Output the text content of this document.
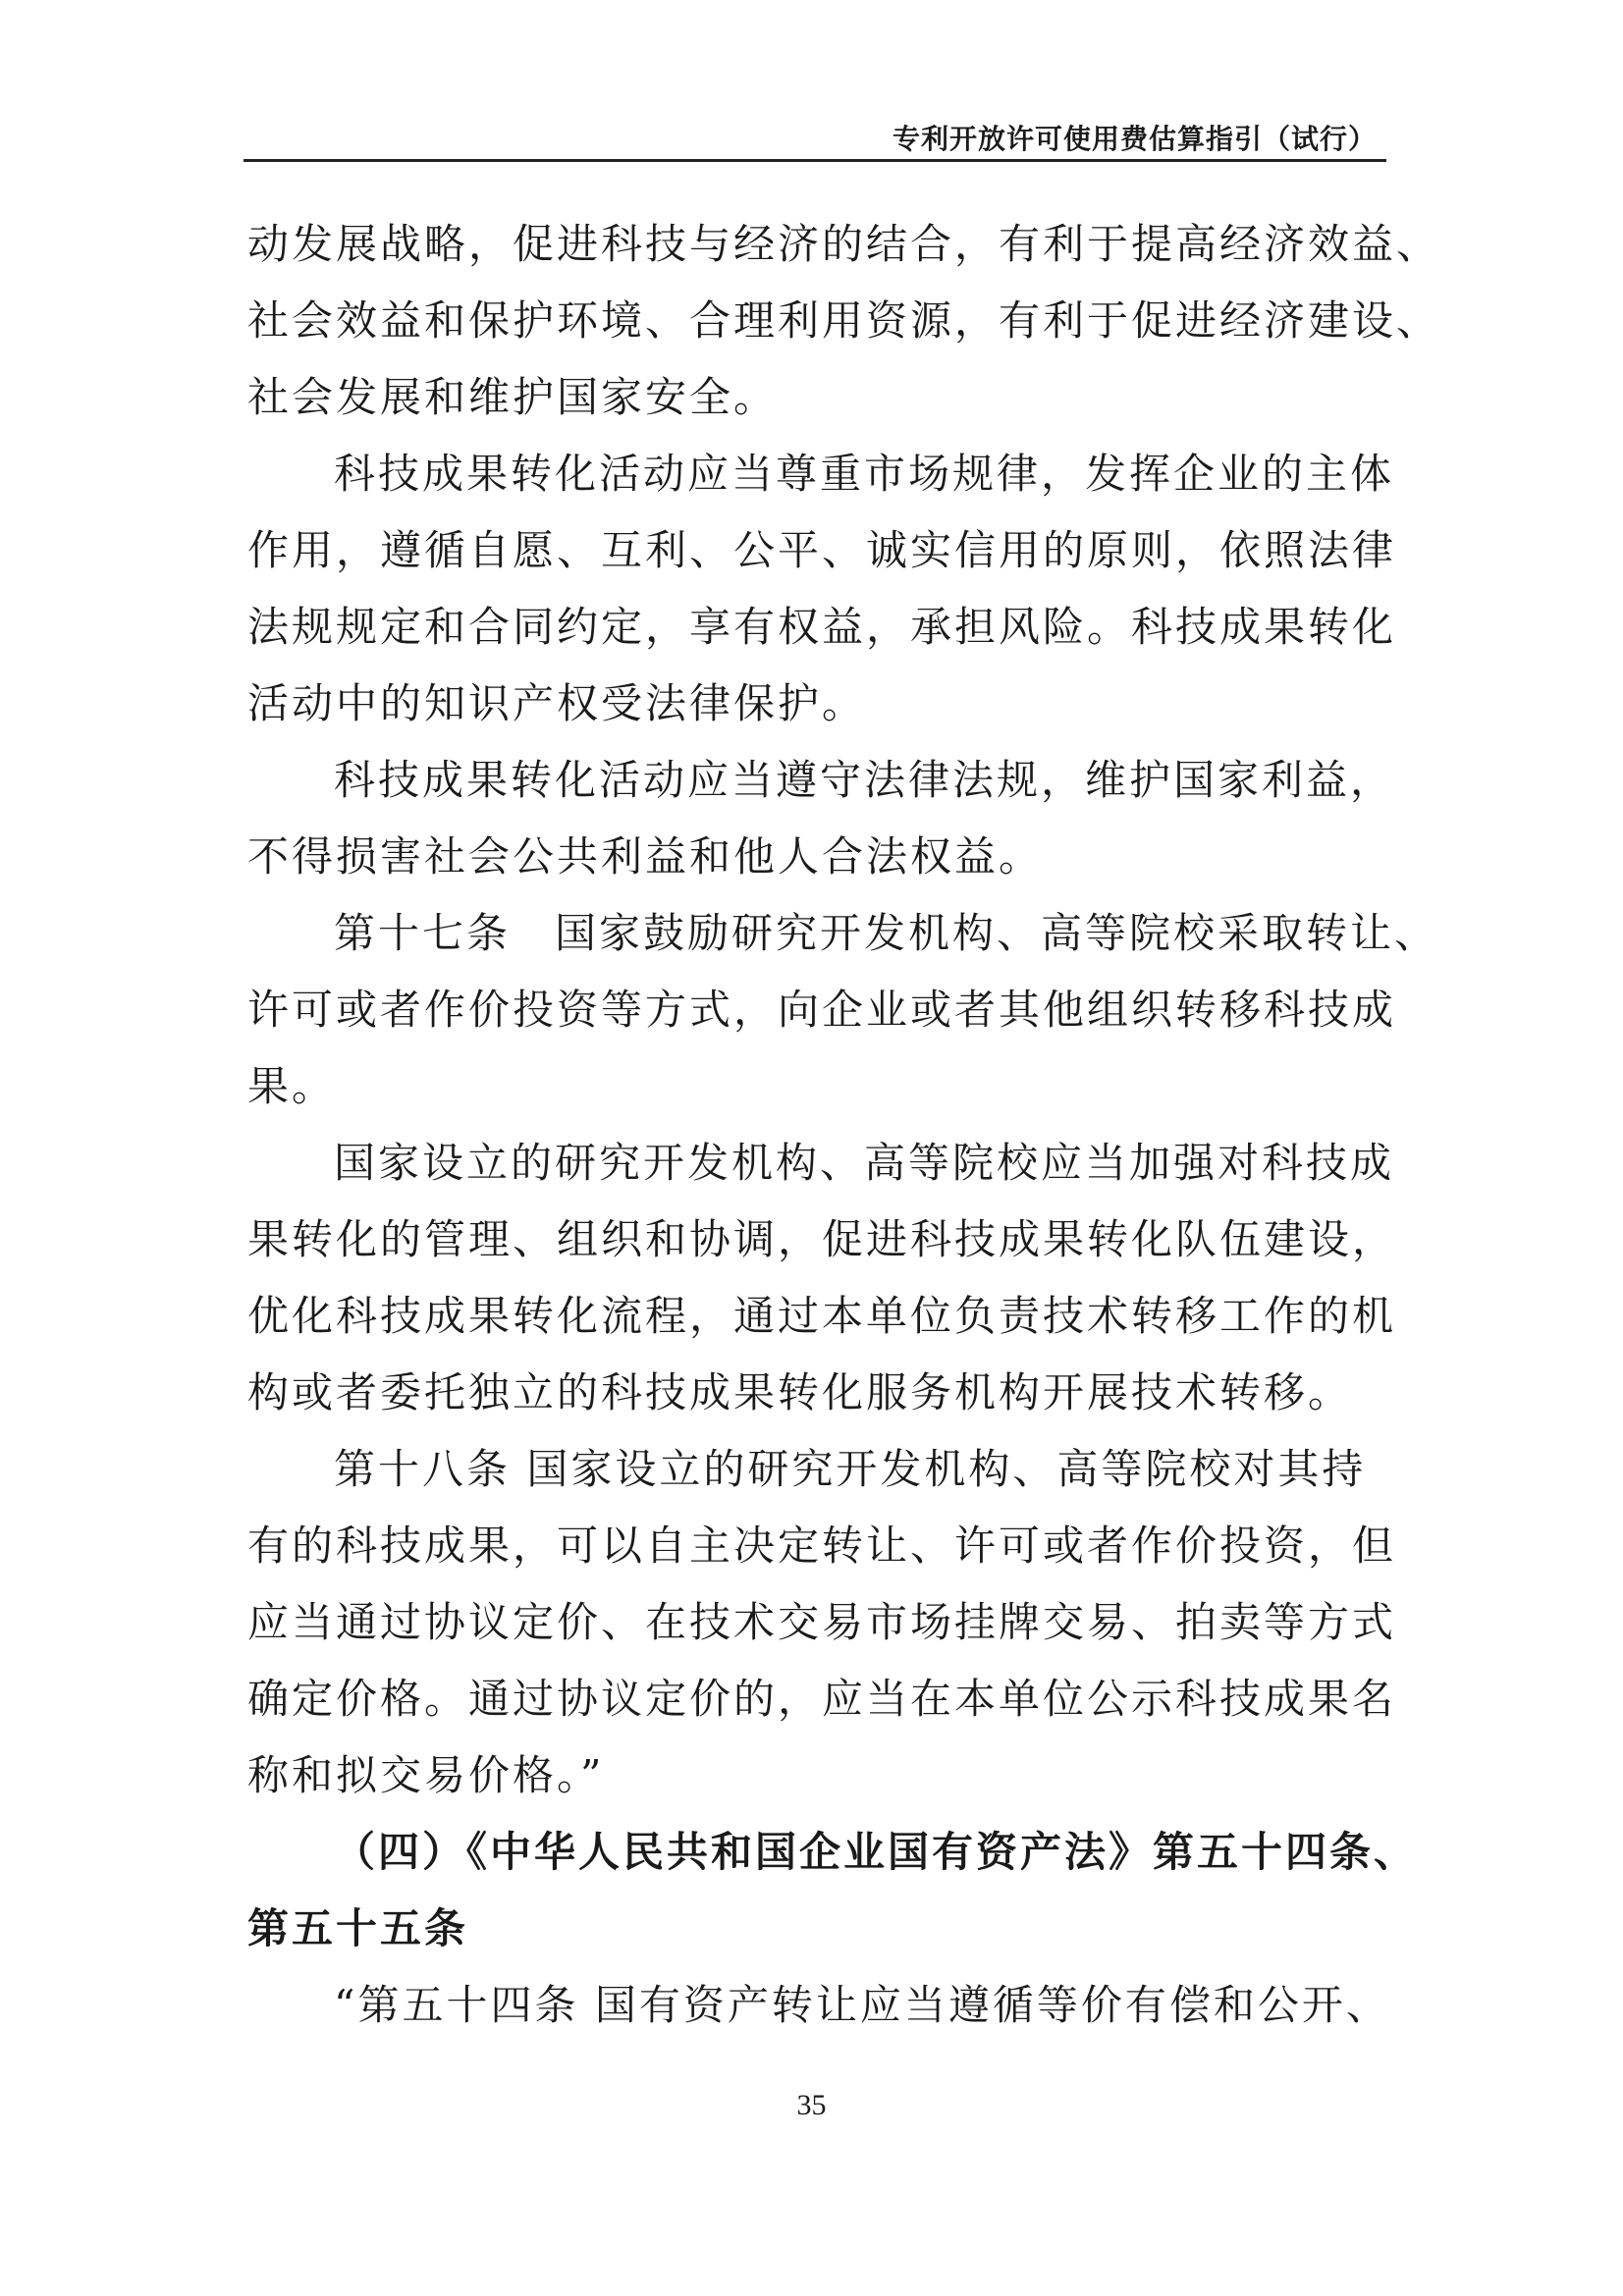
专利开放许可使用费估算指引（试行）
动发展战略，促进科技与经济的结合，有利于提高经济效益、
社会效益和保护环境、合理利用资源，有利于促进经济建设、
社会发展和维护国家安全。
科技成果转化活动应当尊重市场规律，发挥企业的主体
作用，遵循自愿、互利、公平、诚实信用的原则，依照法律
法规规定和合同约定，享有权益，承担风险。科技成果转化
活动中的知识产权受法律保护。
科技成果转化活动应当遵守法律法规，维护国家利益，
不得损害社会公共利益和他人合法权益。
第十七条　国家鼓励研究开发机构、高等院校采取转让、
许可或者作价投资等方式，向企业或者其他组织转移科技成
果。
国家设立的研究开发机构、高等院校应当加强对科技成
果转化的管理、组织和协调，促进科技成果转化队伍建设，
优化科技成果转化流程，通过本单位负责技术转移工作的机
构或者委托独立的科技成果转化服务机构开展技术转移。
第十八条 国家设立的研究开发机构、高等院校对其持
有的科技成果，可以自主决定转让、许可或者作价投资，但
应当通过协议定价、在技术交易市场挂牌交易、拍卖等方式
确定价格。通过协议定价的，应当在本单位公示科技成果名
称和拟交易价格。”
（四）《中华人民共和国企业国有资产法》第五十四条、
第五十五条
“第五十四条 国有资产转让应当遵循等价有偿和公开、
35
